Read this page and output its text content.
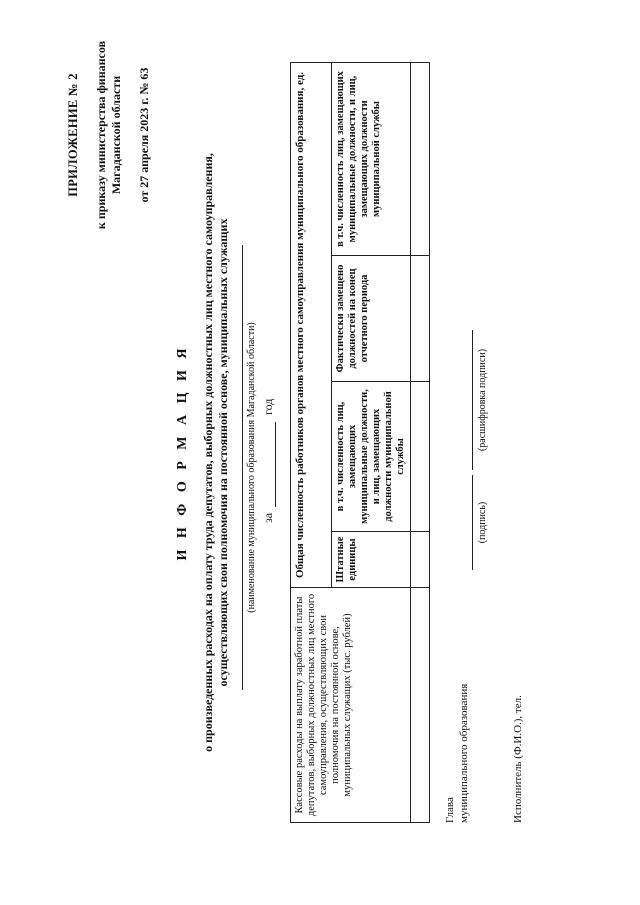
ПРИЛОЖЕНИЕ № 2 к приказу министерства финансов Магаданской области от 27 апреля 2023 г. № 63
И Н Ф О Р М А Ц И Я о произведенных расходах на оплату труда депутатов, выборных должностных лиц местного самоуправления, осуществляющих свои полномочия на постоянной основе, муниципальных служащих (наименование муниципального образования Магаданской области) за
год
Кассовые расходы на выплату заработной платы депутатов, выборных должностных лиц местного самоуправления, осуществляющих свои полномочия на постоянной основе, муниципальных служащих (тыс. рублей)	Общая численность работников органов местного самоуправления муниципального образования, ед.			
	Штатные единицы	в т.ч. численность лиц, замещающих муниципальные должности, и лиц, замещающих должности муниципальной службы	Фактически замещено должностей на конец отчетного периода	в т.ч. численность лиц, замещающих муниципальные должности, и лиц, замещающих должности муниципальной службы

Глава муниципального образования
(подпись)
(расшифровка подписи)
Исполнитель (Ф.И.О.), тел.
